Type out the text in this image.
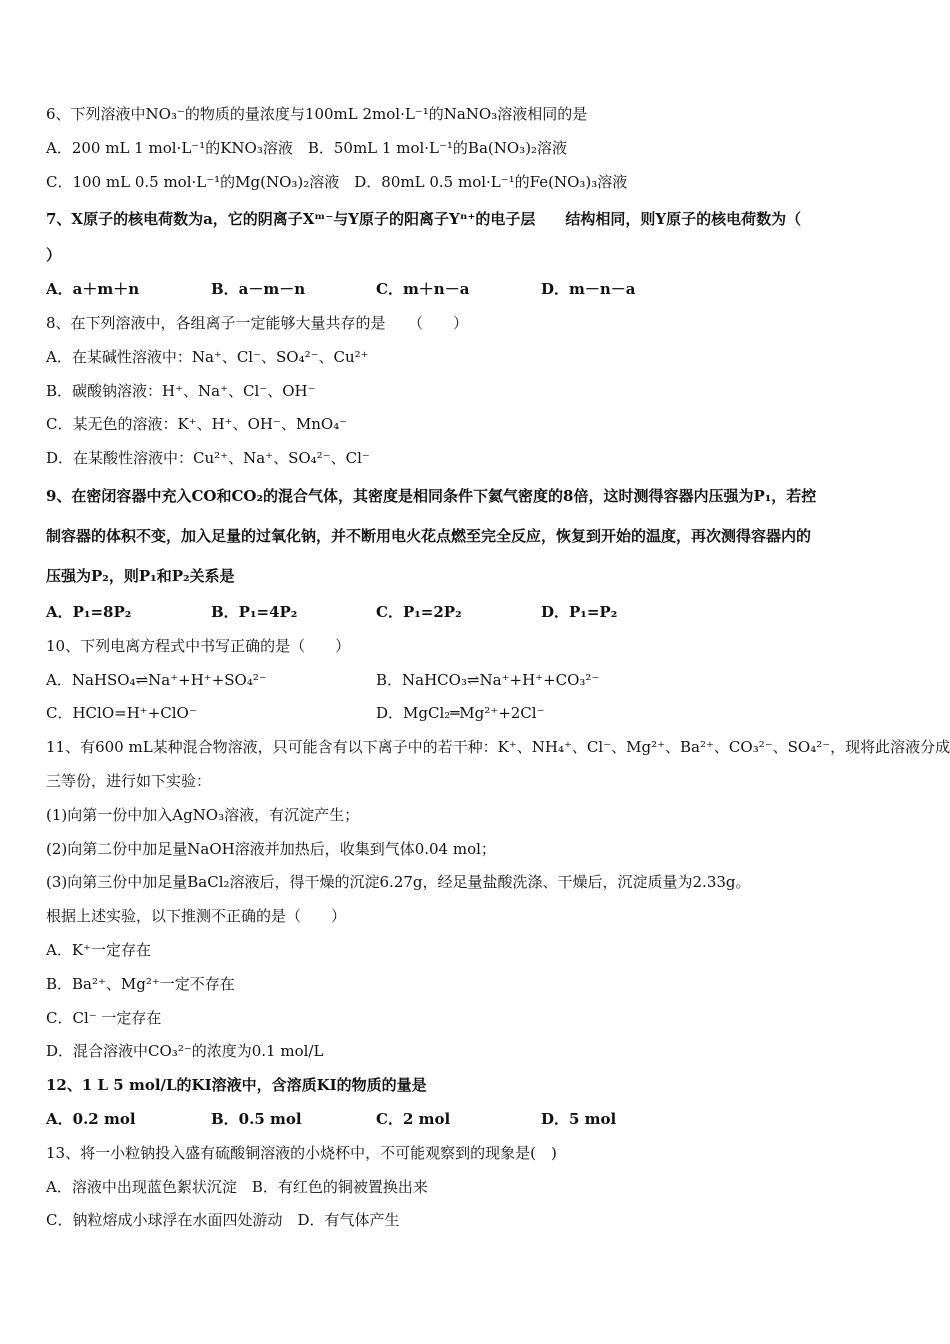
6、下列溶液中NO₃⁻的物质的量浓度与100mL 2mol·L⁻¹的NaNO₃溶液相同的是
A．200 mL 1 mol·L⁻¹的KNO₃溶液　B．50mL 1 mol·L⁻¹的Ba(NO₃)₂溶液
C．100 mL 0.5 mol·L⁻¹的Mg(NO₃)₂溶液　D．80mL 0.5 mol·L⁻¹的Fe(NO₃)₃溶液
7、X原子的核电荷数为a，它的阴离子Xᵐ⁻与Y原子的阳离子Yⁿ⁺的电子层　　结构相同，则Y原子的核电荷数为（
）
A．a＋m＋n	B．a－m－n	C．m＋n－a	D．m－n－a
8、在下列溶液中，各组离子一定能够大量共存的是　　（　　）
A．在某碱性溶液中：Na⁺、Cl⁻、SO₄²⁻、Cu²⁺
B．碳酸钠溶液：H⁺、Na⁺、Cl⁻、OH⁻
C．某无色的溶液：K⁺、H⁺、OH⁻、MnO₄⁻
D．在某酸性溶液中：Cu²⁺、Na⁺、SO₄²⁻、Cl⁻
9、在密闭容器中充入CO和CO₂的混合气体，其密度是相同条件下氦气密度的8倍，这时测得容器内压强为P₁，若控
制容器的体积不变，加入足量的过氧化钠，并不断用电火花点燃至完全反应，恢复到开始的温度，再次测得容器内的
压强为P₂，则P₁和P₂关系是
A．P₁=8P₂	B．P₁=4P₂	C．P₁=2P₂	D．P₁=P₂
10、下列电离方程式中书写正确的是（　　）
A．NaHSO₄⇌Na⁺+H⁺+SO₄²⁻	B．NaHCO₃⇌Na⁺+H⁺+CO₃²⁻
C．HClO=H⁺+ClO⁻	D．MgCl₂═Mg²⁺+2Cl⁻
11、有600 mL某种混合物溶液，只可能含有以下离子中的若干种：K⁺、NH₄⁺、Cl⁻、Mg²⁺、Ba²⁺、CO₃²⁻、SO₄²⁻，现将此溶液分成
三等份，进行如下实验：
(1)向第一份中加入AgNO₃溶液，有沉淀产生；
(2)向第二份中加足量NaOH溶液并加热后，收集到气体0.04 mol；
(3)向第三份中加足量BaCl₂溶液后，得干燥的沉淀6.27g，经足量盐酸洗涤、干燥后，沉淀质量为2.33g。
根据上述实验，以下推测不正确的是（　　）
A．K⁺一定存在
B．Ba²⁺、Mg²⁺一定不存在
C．Cl⁻ 一定存在
D．混合溶液中CO₃²⁻的浓度为0.1 mol/L
12、1 L 5 mol/L的KI溶液中，含溶质KI的物质的量是
A．0.2 mol	B．0.5 mol	C．2 mol	D．5 mol
13、将一小粒钠投入盛有硫酸铜溶液的小烧杯中，不可能观察到的现象是(　)
A．溶液中出现蓝色絮状沉淀　B．有红色的铜被置换出来
C．钠粒熔成小球浮在水面四处游动　D．有气体产生
